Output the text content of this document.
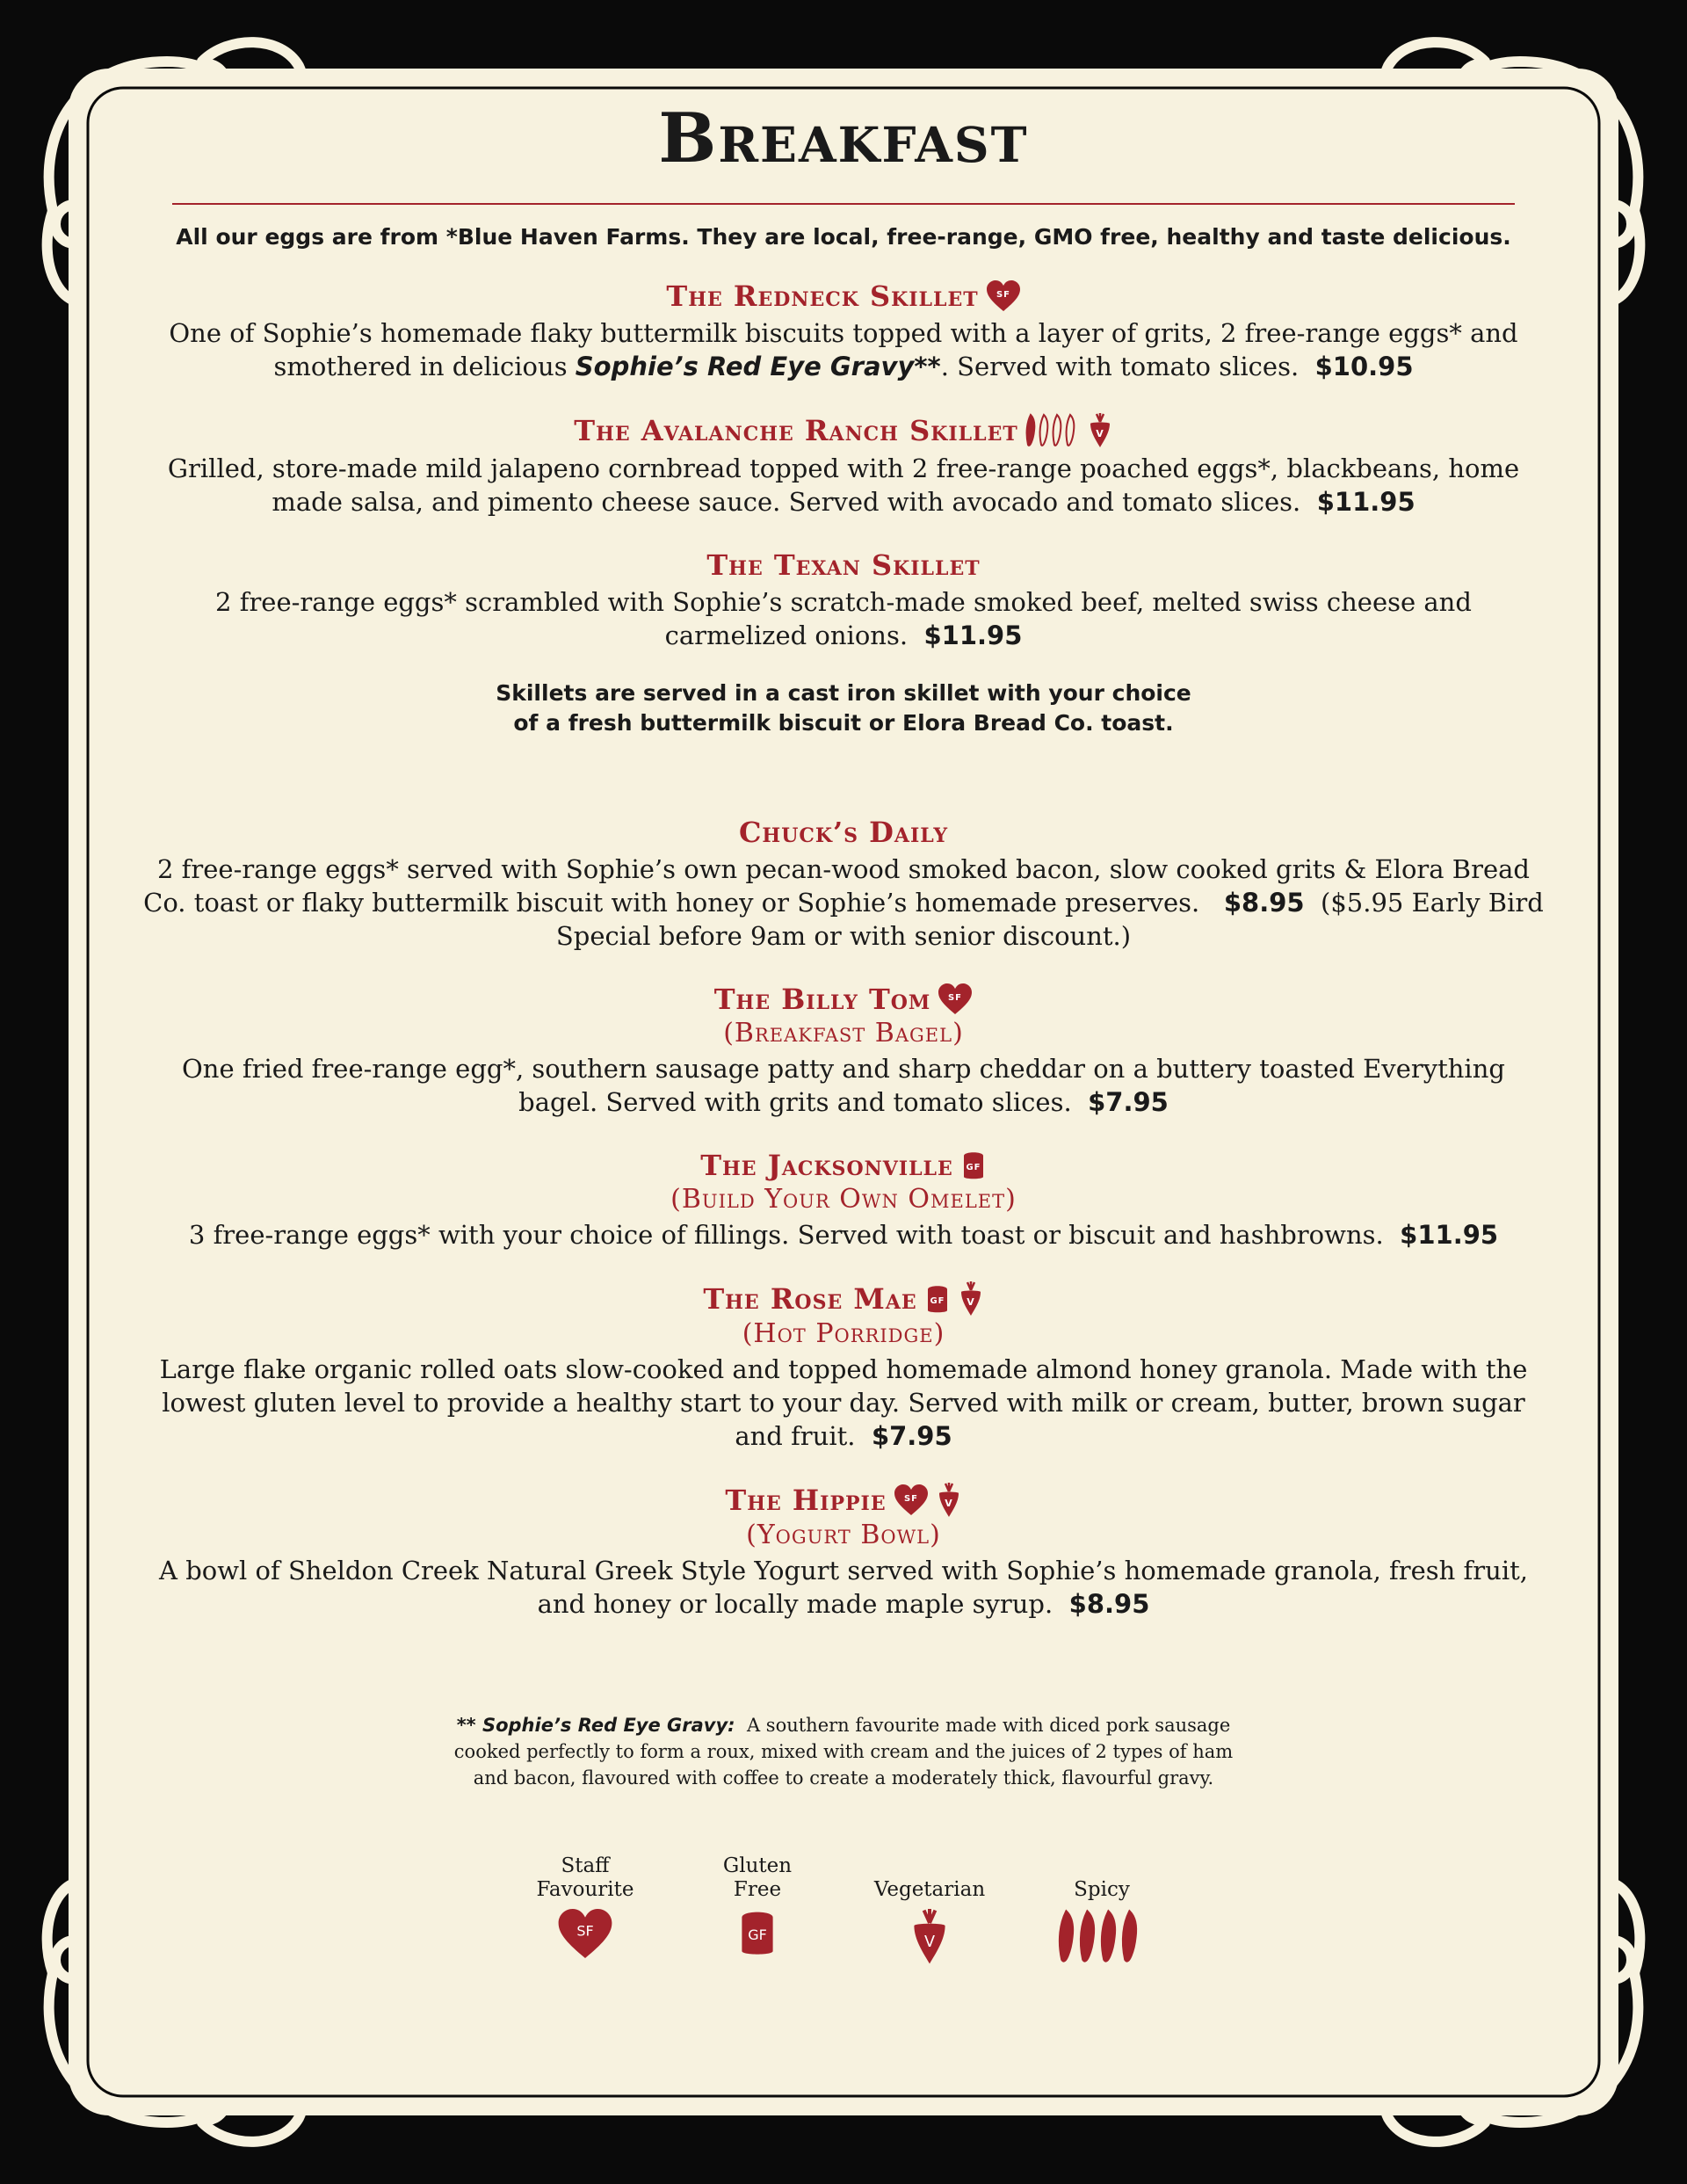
Breakfast
All our eggs are from *Blue Haven Farms. They are local, free-range, GMO free, healthy and taste delicious.
The Redneck Skillet SF
One of Sophie’s homemade flaky buttermilk biscuits topped with a layer of grits, 2 free-range eggs* and smothered in delicious Sophie’s Red Eye Gravy**. Served with tomato slices. $10.95
The Avalanche Ranch Skillet	V
Grilled, store-made mild jalapeno cornbread topped with 2 free-range poached eggs*, blackbeans, home made salsa, and pimento cheese sauce. Served with avocado and tomato slices. $11.95
The Texan Skillet
2 free-range eggs* scrambled with Sophie’s scratch-made smoked beef, melted swiss cheese and carmelized onions. $11.95
Skillets are served in a cast iron skillet with your choice
of a fresh buttermilk biscuit or Elora Bread Co. toast.
Chuck’s Daily
2 free-range eggs* served with Sophie’s own pecan-wood smoked bacon, slow cooked grits & Elora Bread Co. toast or flaky buttermilk biscuit with honey or Sophie’s homemade preserves.   $8.95  ($5.95 Early Bird Special before 9am or with senior discount.)
The Billy Tom SF
(Breakfast Bagel)
One fried free-range egg*, southern sausage patty and sharp cheddar on a buttery toasted Everything bagel. Served with grits and tomato slices. $7.95
The Jacksonville GF
(Build Your Own Omelet)
3 free-range eggs* with your choice of fillings. Served with toast or biscuit and hashbrowns. $11.95
The Rose Mae GF V
(Hot Porridge)
Large flake organic rolled oats slow-cooked and topped homemade almond honey granola. Made with the lowest gluten level to provide a healthy start to your day. Served with milk or cream, butter, brown sugar and fruit. $7.95
The Hippie SF	V
(Yogurt Bowl)
A bowl of Sheldon Creek Natural Greek Style Yogurt served with Sophie’s homemade granola, fresh fruit, and honey or locally made maple syrup. $8.95
** Sophie’s Red Eye Gravy: A southern favourite made with diced pork sausage
cooked perfectly to form a roux, mixed with cream and the juices of 2 types of ham
and bacon, flavoured with coffee to create a moderately thick, flavourful gravy.
Staff
Favourite
SF
Gluten
Free
GF
Vegetarian
V
Spicy
